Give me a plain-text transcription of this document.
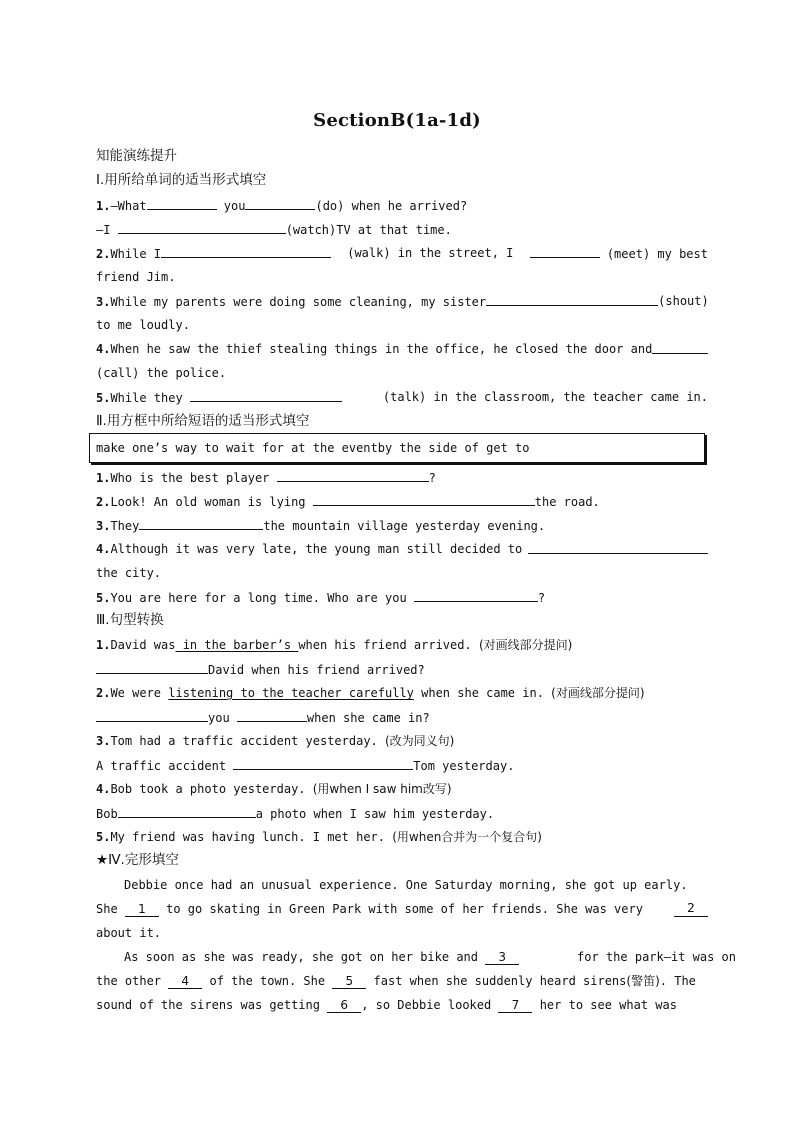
SectionB(1a-1d)
知能演练提升
Ⅰ.用所给单词的适当形式填空
1.—What	you	(do) when he arrived?
—I	(watch)TV at that time.
2.While I	(walk) in the street, I	(meet) my best
friend Jim.
3.While my parents were doing some cleaning, my sister	(shout)
to me loudly.
4.When he saw the thief stealing things in the office, he closed the door and
(call) the police.
5.While they	(talk) in the classroom, the teacher came in.
Ⅱ.用方框中所给短语的适当形式填空
make one’s way to wait for at the eventby the side of get to
1.Who is the best player	?
2.Look! An old woman is lying	the road.
3.They	the mountain village yesterday evening.
4.Although it was very late, the young man still decided to
the city.
5.You are here for a long time. Who are you	?
Ⅲ.句型转换
1.David was in the barber’s when his friend arrived. (对画线部分提问)
David when his friend arrived?
2.We were listening to the teacher carefully when she came in. (对画线部分提问)
you	when she came in?
3.Tom had a traffic accident yesterday. (改为同义句)
A traffic accident	Tom yesterday.
4.Bob took a photo yesterday. (用when I saw him改写)
Bob	a photo when I saw him yesterday.
5.My friend was having lunch. I met her. (用when合并为一个复合句)
★Ⅳ.完形填空
Debbie once had an unusual experience. One Saturday morning, she got up early.
She 1 to go skating in Green Park with some of her friends. She was very	2
about it.
As soon as she was ready, she got on her bike and 3	for the park—it was on
the other 4 of the town. She 5 fast when she suddenly heard sirens(警笛). The
sound of the sirens was getting 6 , so Debbie looked 7 her to see what was
